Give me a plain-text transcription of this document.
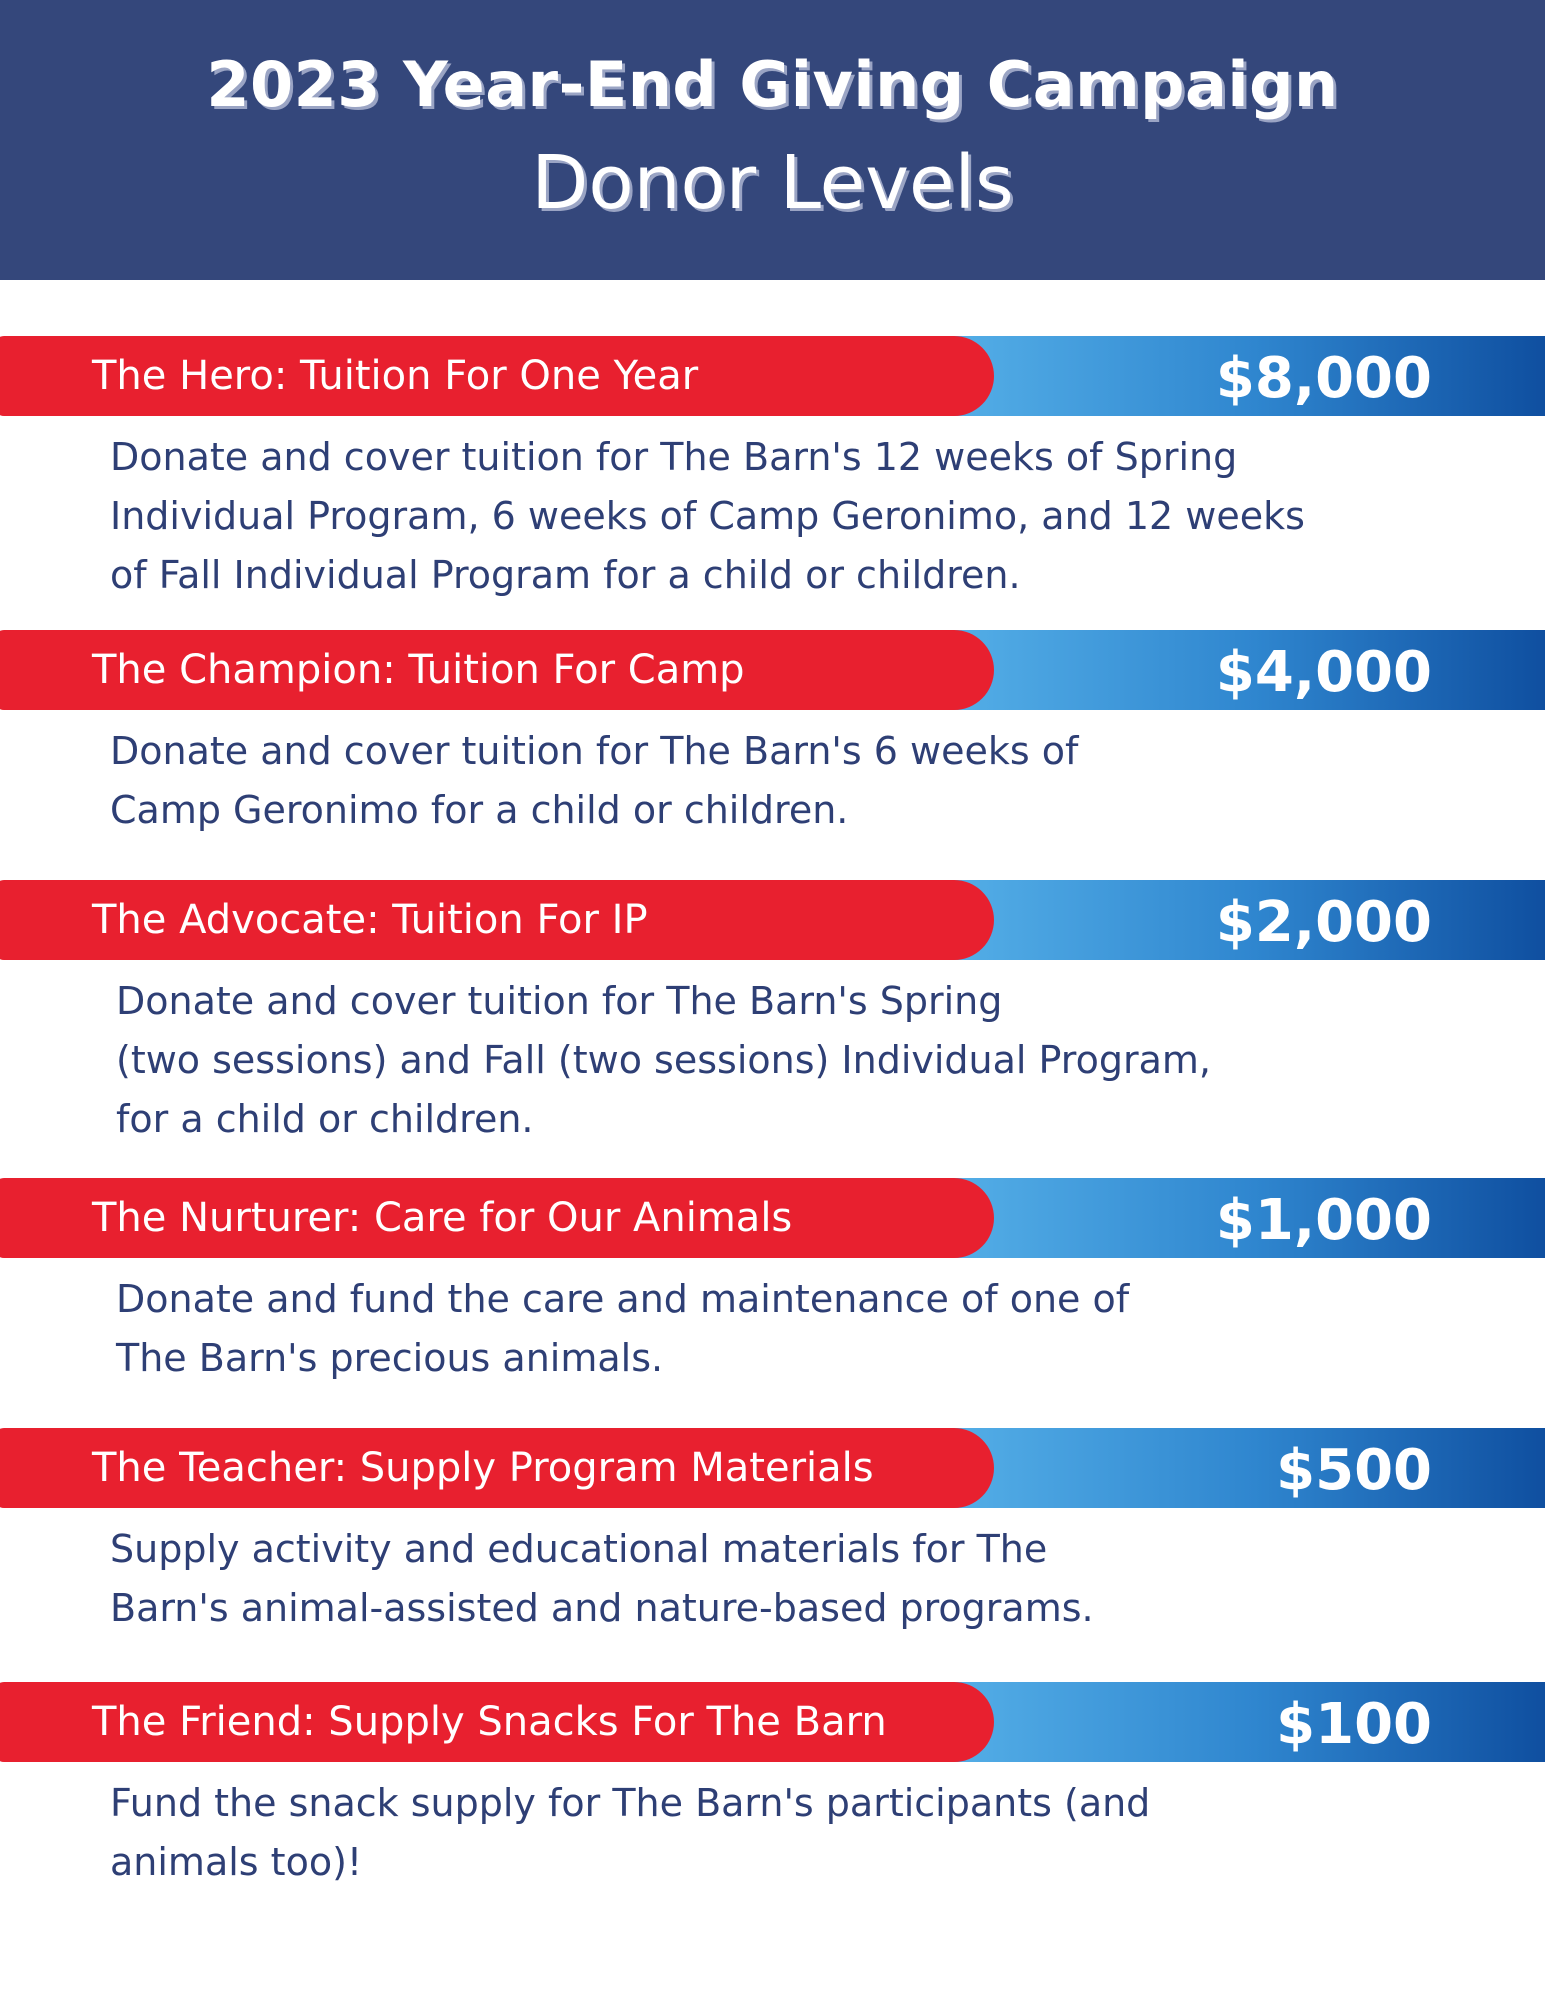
2023 Year-End Giving Campaign
Donor Levels
The Hero: Tuition For One Year	$8,000
Donate and cover tuition for The Barn's 12 weeks of Spring
Individual Program, 6 weeks of Camp Geronimo, and 12 weeks
of Fall Individual Program for a child or children.
The Champion: Tuition For Camp	$4,000
Donate and cover tuition for The Barn's 6 weeks of
Camp Geronimo for a child or children.
The Advocate: Tuition For IP	$2,000
Donate and cover tuition for The Barn's Spring
(two sessions) and Fall (two sessions) Individual Program,
for a child or children.
The Nurturer: Care for Our Animals	$1,000
Donate and fund the care and maintenance of one of
The Barn's precious animals.
The Teacher: Supply Program Materials	$500
Supply activity and educational materials for The
Barn's animal-assisted and nature-based programs.
The Friend: Supply Snacks For The Barn	$100
Fund the snack supply for The Barn's participants (and
animals too)!
